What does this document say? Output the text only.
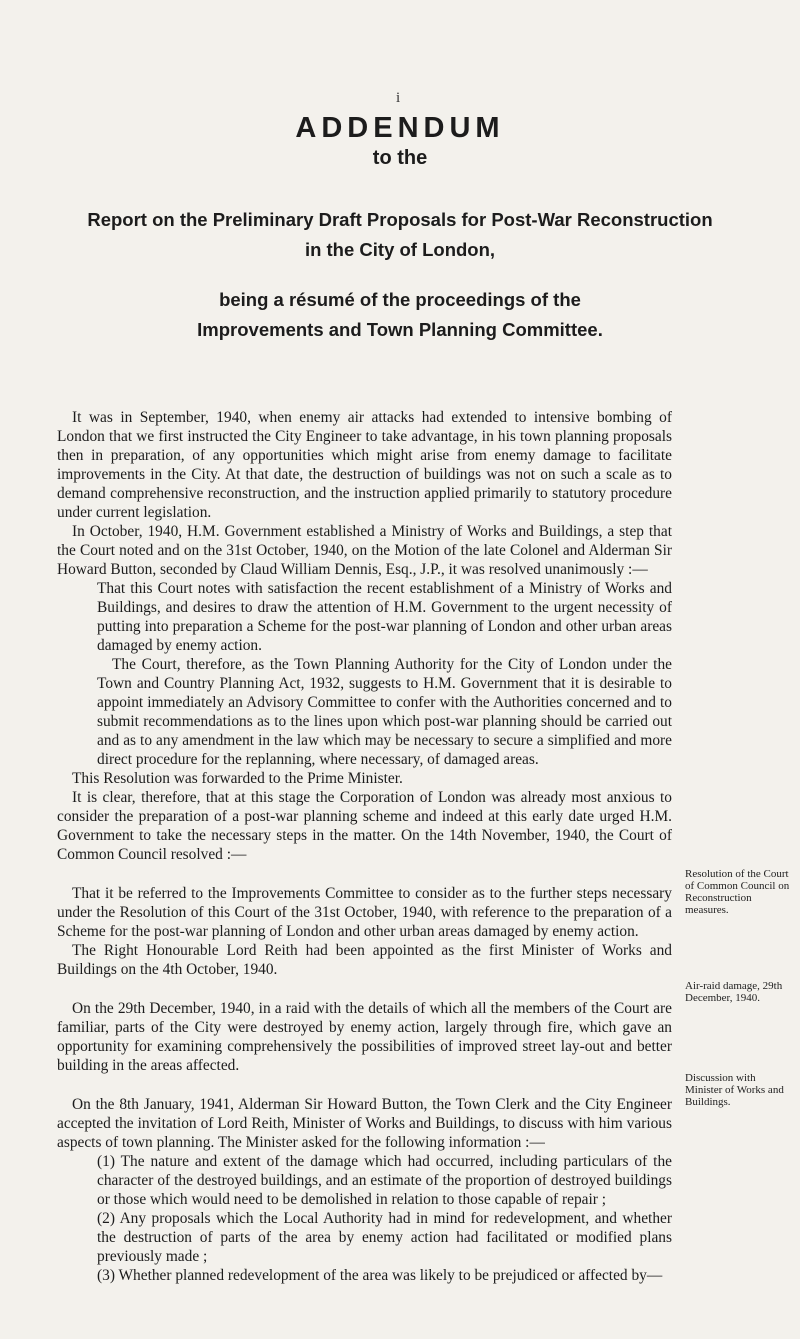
i
ADDENDUM
to the
Report on the Preliminary Draft Proposals for Post-War Reconstruction
in the City of London,
being a résumé of the proceedings of the
Improvements and Town Planning Committee.

It was in September, 1940, when enemy air attacks had extended to intensive bombing of London that we first instructed the City Engineer to take advantage, in his town planning proposals then in preparation, of any opportunities which might arise from enemy damage to facilitate improvements in the City. At that date, the destruction of buildings was not on such a scale as to demand comprehensive reconstruction, and the instruction applied primarily to statutory procedure under current legislation.

In October, 1940, H.M. Government established a Ministry of Works and Buildings, a step that the Court noted and on the 31st October, 1940, on the Motion of the late Colonel and Alderman Sir Howard Button, seconded by Claud William Dennis, Esq., J.P., it was resolved unanimously :—

That this Court notes with satisfaction the recent establishment of a Ministry of Works and Buildings, and desires to draw the attention of H.M. Government to the urgent necessity of putting into preparation a Scheme for the post-war planning of London and other urban areas damaged by enemy action.

The Court, therefore, as the Town Planning Authority for the City of London under the Town and Country Planning Act, 1932, suggests to H.M. Government that it is desirable to appoint immediately an Advisory Committee to confer with the Authorities concerned and to submit recommendations as to the lines upon which post-war planning should be carried out and as to any amendment in the law which may be necessary to secure a simplified and more direct procedure for the replanning, where necessary, of damaged areas.

This Resolution was forwarded to the Prime Minister.

It is clear, therefore, that at this stage the Corporation of London was already most anxious to consider the preparation of a post-war planning scheme and indeed at this early date urged H.M. Government to take the necessary steps in the matter. On the 14th November, 1940, the Court of Common Council resolved :—

That it be referred to the Improvements Committee to consider as to the further steps necessary under the Resolution of this Court of the 31st October, 1940, with reference to the preparation of a Scheme for the post-war planning of London and other urban areas damaged by enemy action.

The Right Honourable Lord Reith had been appointed as the first Minister of Works and Buildings on the 4th October, 1940.

On the 29th December, 1940, in a raid with the details of which all the members of the Court are familiar, parts of the City were destroyed by enemy action, largely through fire, which gave an opportunity for examining comprehensively the possibilities of improved street lay-out and better building in the areas affected.

On the 8th January, 1941, Alderman Sir Howard Button, the Town Clerk and the City Engineer accepted the invitation of Lord Reith, Minister of Works and Buildings, to discuss with him various aspects of town planning. The Minister asked for the following information :—

(1) The nature and extent of the damage which had occurred, including particulars of the character of the destroyed buildings, and an estimate of the proportion of destroyed buildings or those which would need to be demolished in relation to those capable of repair ;

(2) Any proposals which the Local Authority had in mind for redevelopment, and whether the destruction of parts of the area by enemy action had facilitated or modified plans previously made ;

(3) Whether planned redevelopment of the area was likely to be prejudiced or affected by—

Resolution of the Court of Common Council on Reconstruction measures.
Air-raid damage, 29th December, 1940.
Discussion with Minister of Works and Buildings.
